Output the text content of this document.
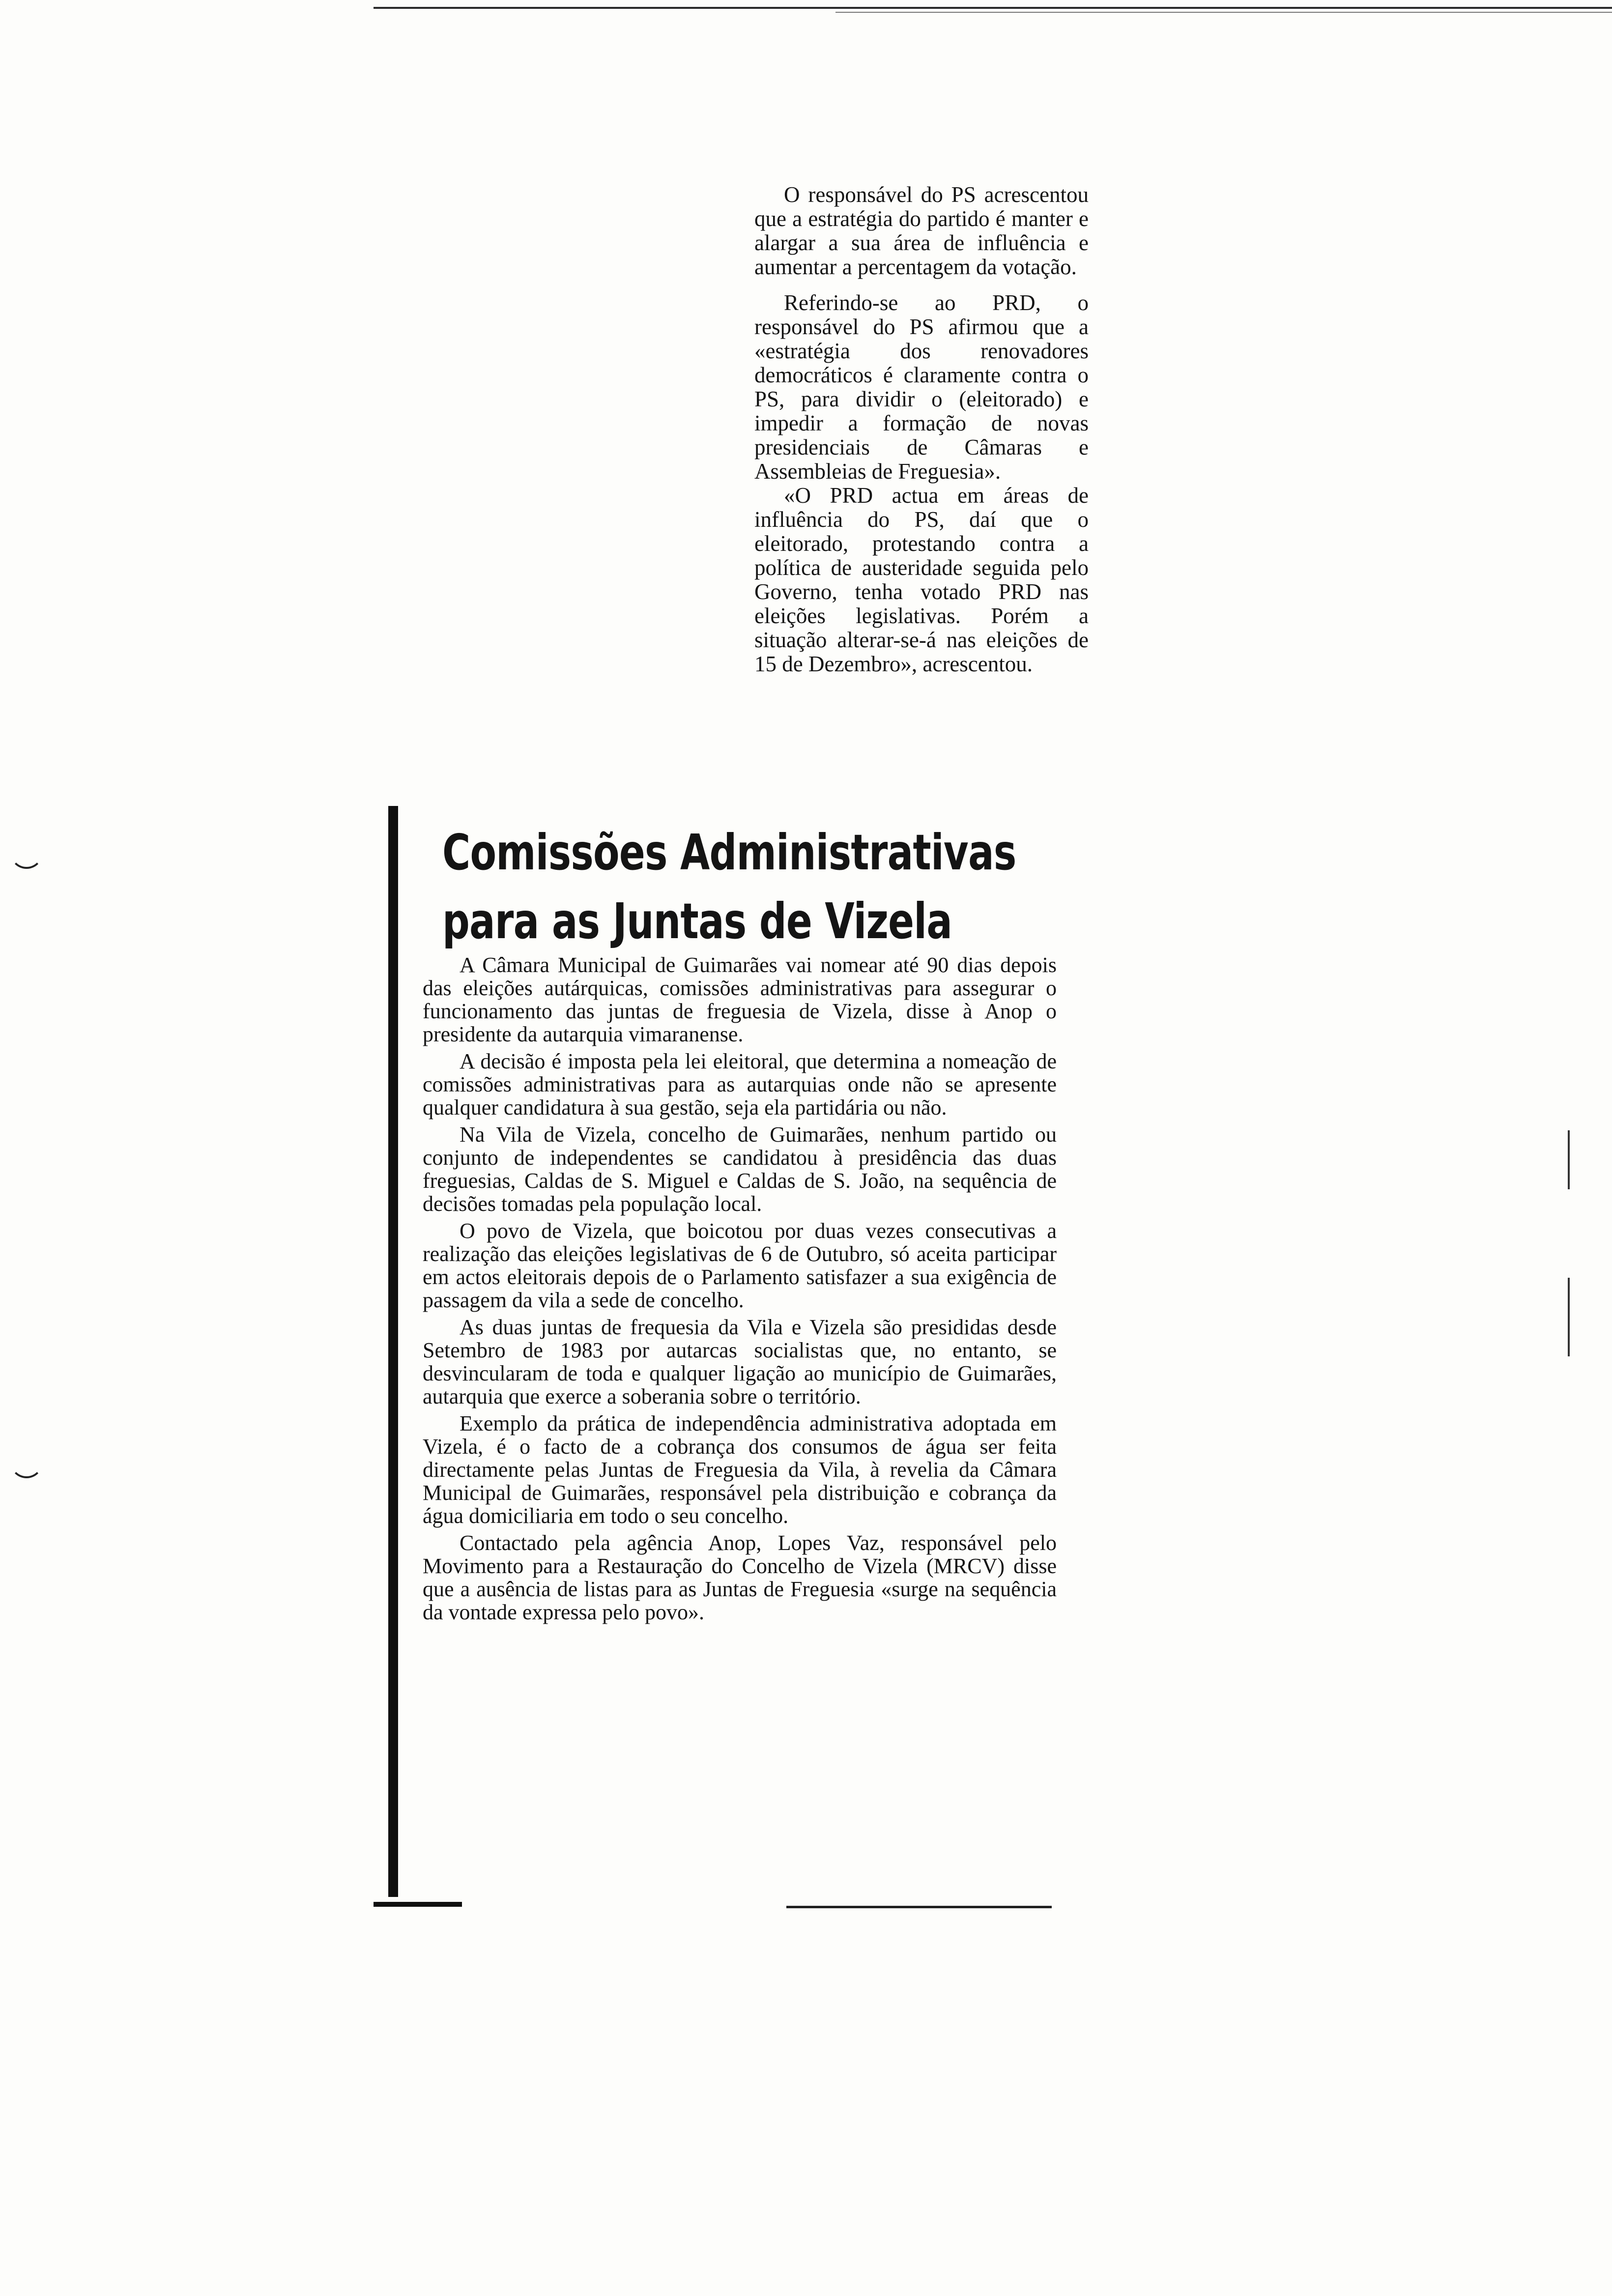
O responsável do PS acrescentou que a estratégia do partido é manter e alargar a sua área de influência e aumentar a percentagem da votação.

Referindo-se ao PRD, o responsável do PS afirmou que a «estratégia dos renovadores democráticos é claramente contra o PS, para dividir o (eleitorado) e impedir a formação de novas presidenciais de Câmaras e Assembleias de Freguesia».

«O PRD actua em áreas de influência do PS, daí que o eleitorado, protestando contra a política de austeridade seguida pelo Governo, tenha votado PRD nas eleições legislativas. Porém a situação alterar-se-á nas eleições de 15 de Dezembro», acrescentou.

Comissões Administrativas
para as Juntas de Vizela

A Câmara Municipal de Guimarães vai nomear até 90 dias depois das eleições autárquicas, comissões administrativas para assegurar o funcionamento das juntas de freguesia de Vizela, disse à Anop o presidente da autarquia vimaranense.

A decisão é imposta pela lei eleitoral, que determina a nomeação de comissões administrativas para as autarquias onde não se apresente qualquer candidatura à sua gestão, seja ela partidária ou não.

Na Vila de Vizela, concelho de Guimarães, nenhum partido ou conjunto de independentes se candidatou à presidência das duas freguesias, Caldas de S. Miguel e Caldas de S. João, na sequência de decisões tomadas pela população local.

O povo de Vizela, que boicotou por duas vezes consecutivas a realização das eleições legislativas de 6 de Outubro, só aceita participar em actos eleitorais depois de o Parlamento satisfazer a sua exigência de passagem da vila a sede de concelho.

As duas juntas de frequesia da Vila e Vizela são presididas desde Setembro de 1983 por autarcas socialistas que, no entanto, se desvincularam de toda e qualquer ligação ao município de Guimarães, autarquia que exerce a soberania sobre o território.

Exemplo da prática de independência administrativa adoptada em Vizela, é o facto de a cobrança dos consumos de água ser feita directamente pelas Juntas de Freguesia da Vila, à revelia da Câmara Municipal de Guimarães, responsável pela distribuição e cobrança da água domiciliaria em todo o seu concelho.

Contactado pela agência Anop, Lopes Vaz, responsável pelo Movimento para a Restauração do Concelho de Vizela (MRCV) disse que a ausência de listas para as Juntas de Freguesia «surge na sequência da vontade expressa pelo povo».
